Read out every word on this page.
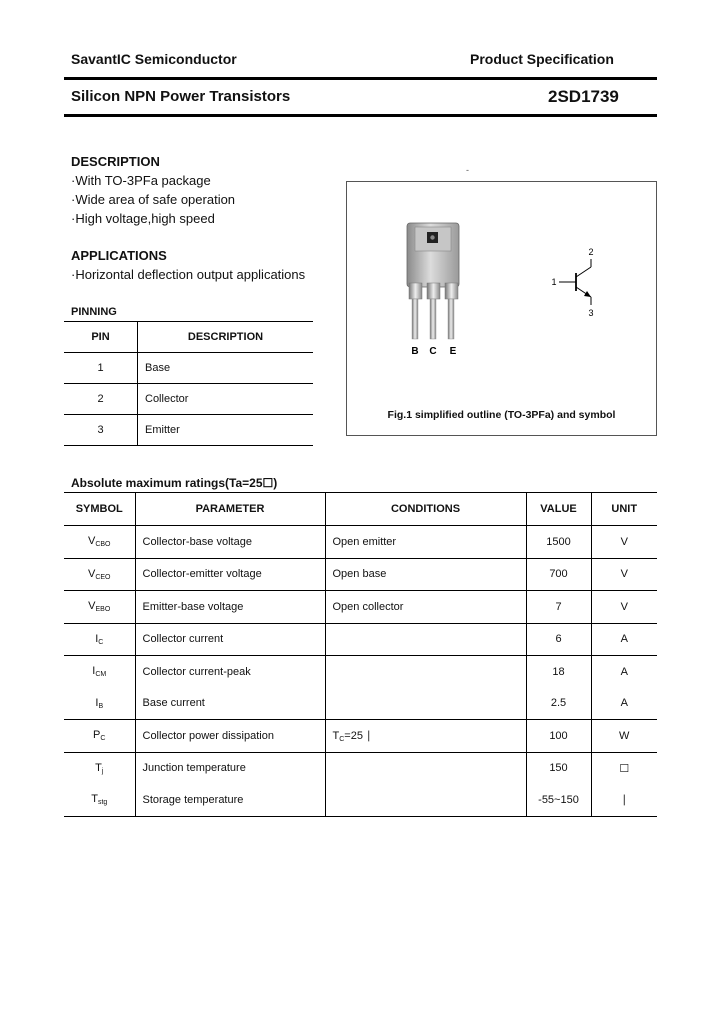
SavantIC Semiconductor	Product Specification
Silicon NPN Power Transistors	2SD1739
DESCRIPTION
·With TO-3PFa package
·Wide area of safe operation
·High voltage,high speed
APPLICATIONS
·Horizontal deflection output applications
PINNING
PIN	DESCRIPTION
1	Base
2	Collector
3	Emitter
-
B C E
2
1
3
Fig.1 simplified outline (TO-3PFa) and symbol
Absolute maximum ratings(Ta=25☐)
SYMBOL	PARAMETER	CONDITIONS	VALUE	UNIT
VCBO	Collector-base voltage	Open emitter	1500	V
VCEO	Collector-emitter voltage	Open base	700	V
VEBO	Emitter-base voltage	Open collector	7	V
IC	Collector current		6	A
ICM	Collector current-peak		18	A
IB	Base current		2.5	A
PC	Collector power dissipation	TC=25 ∣	100	W
Tj	Junction temperature		150	☐
Tstg	Storage temperature		-55~150	∣
